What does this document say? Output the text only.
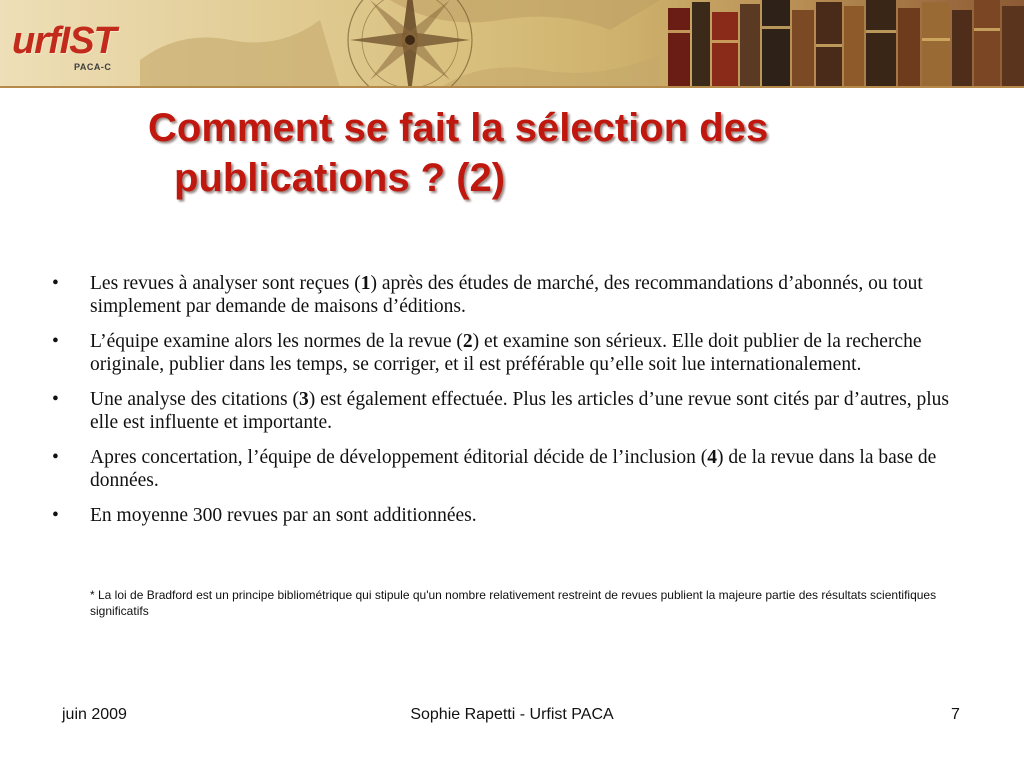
urfIST
PACA-C
Comment se fait la sélection des
publications ? (2)
• Les revues à analyser sont reçues (1) après des études de marché, des recommandations d’abonnés, ou tout simplement par demande de maisons d’éditions.
• L’équipe examine alors les normes de la revue (2) et examine son sérieux. Elle doit publier de la recherche originale, publier dans les temps, se corriger, et il est préférable qu’elle soit lue internationalement.
• Une analyse des citations (3) est également effectuée. Plus les articles d’une revue sont cités par d’autres, plus elle est influente et importante.
• Apres concertation, l’équipe de développement éditorial décide de l’inclusion (4) de la revue dans la base de données.
• En moyenne 300 revues par an sont additionnées.

* La loi de Bradford est un principe bibliométrique qui stipule qu'un nombre relativement restreint de revues publient la majeure partie des résultats scientifiques significatifs

juin 2009	Sophie Rapetti - Urfist PACA	7
